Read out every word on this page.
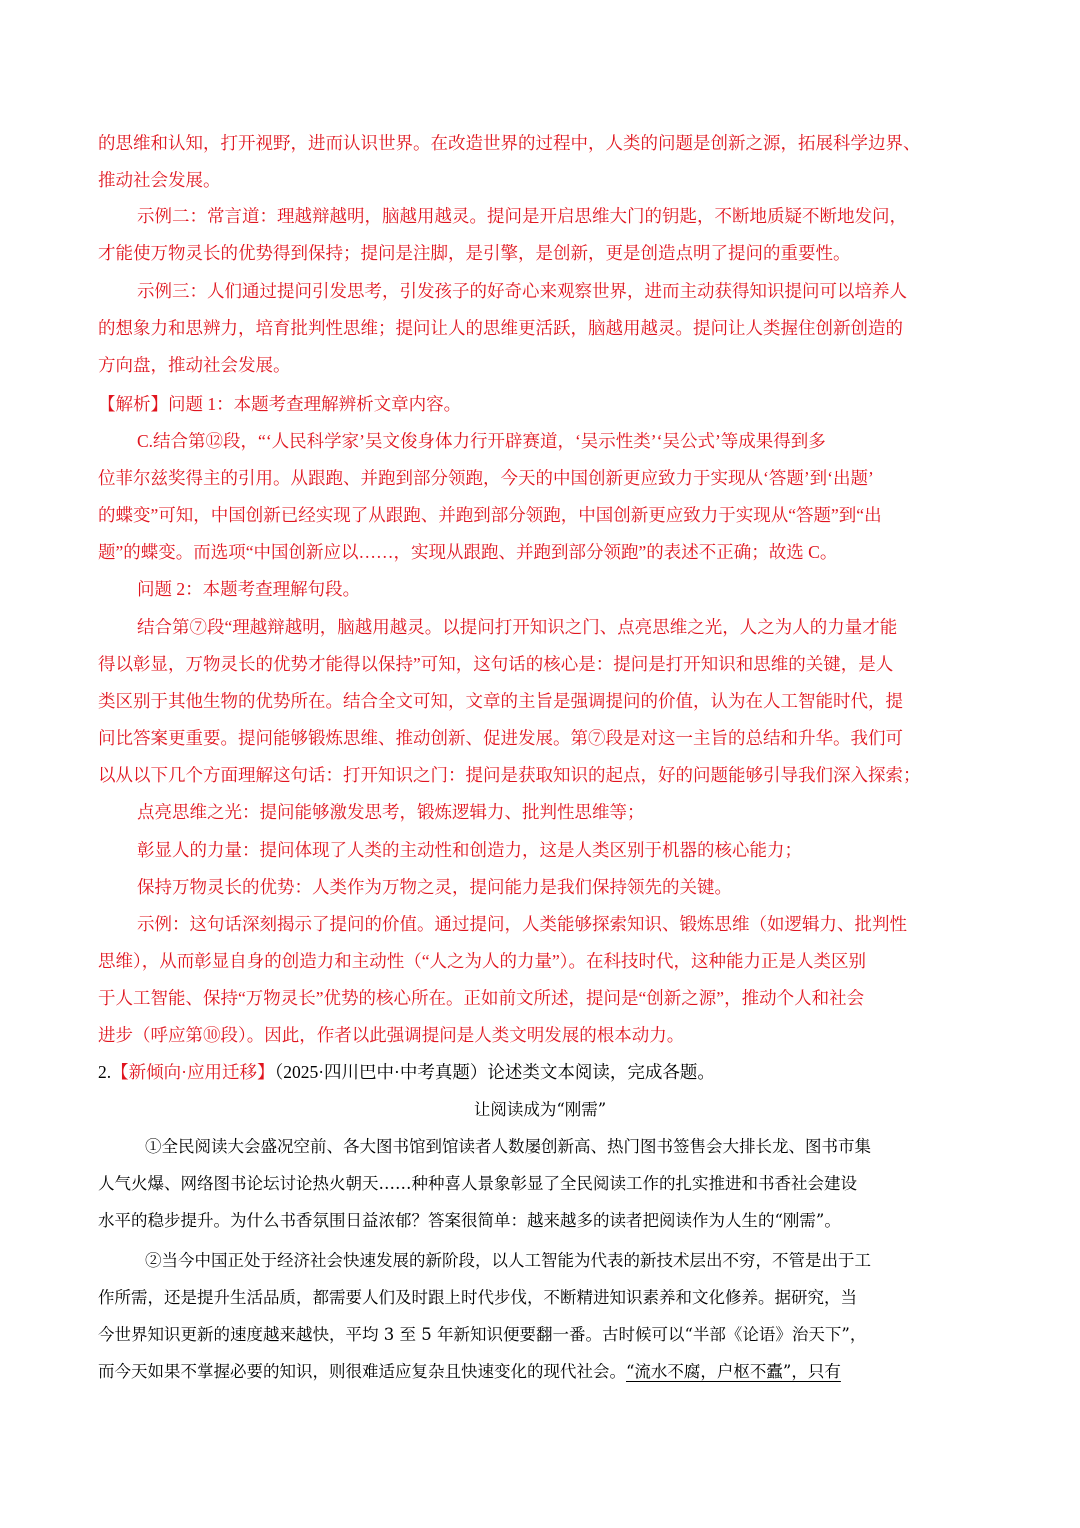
的思维和认知，打开视野，进而认识世界。在改造世界的过程中，人类的问题是创新之源，拓展科学边界、
推动社会发展。
示例二：常言道：理越辩越明，脑越用越灵。提问是开启思维大门的钥匙，不断地质疑不断地发问，
才能使万物灵长的优势得到保持；提问是注脚，是引擎，是创新，更是创造点明了提问的重要性。
示例三：人们通过提问引发思考，引发孩子的好奇心来观察世界，进而主动获得知识提问可以培养人
的想象力和思辨力，培育批判性思维；提问让人的思维更活跃，脑越用越灵。提问让人类握住创新创造的
方向盘，推动社会发展。
【解析】问题 1：本题考查理解辨析文章内容。
C.结合第⑫段，“‘人民科学家’吴文俊身体力行开辟赛道，‘吴示性类’‘吴公式’等成果得到多
位菲尔兹奖得主的引用。从跟跑、并跑到部分领跑，今天的中国创新更应致力于实现从‘答题’到‘出题’
的蝶变”可知，中国创新已经实现了从跟跑、并跑到部分领跑，中国创新更应致力于实现从“答题”到“出
题”的蝶变。而选项“中国创新应以……，实现从跟跑、并跑到部分领跑”的表述不正确；故选 C。
问题 2：本题考查理解句段。
结合第⑦段“理越辩越明，脑越用越灵。以提问打开知识之门、点亮思维之光，人之为人的力量才能
得以彰显，万物灵长的优势才能得以保持”可知，这句话的核心是：提问是打开知识和思维的关键，是人
类区别于其他生物的优势所在。结合全文可知，文章的主旨是强调提问的价值，认为在人工智能时代，提
问比答案更重要。提问能够锻炼思维、推动创新、促进发展。第⑦段是对这一主旨的总结和升华。我们可
以从以下几个方面理解这句话：打开知识之门：提问是获取知识的起点，好的问题能够引导我们深入探索；
点亮思维之光：提问能够激发思考，锻炼逻辑力、批判性思维等；
彰显人的力量：提问体现了人类的主动性和创造力，这是人类区别于机器的核心能力；
保持万物灵长的优势：人类作为万物之灵，提问能力是我们保持领先的关键。
示例：这句话深刻揭示了提问的价值。通过提问，人类能够探索知识、锻炼思维（如逻辑力、批判性
思维），从而彰显自身的创造力和主动性（“人之为人的力量”）。在科技时代，这种能力正是人类区别
于人工智能、保持“万物灵长”优势的核心所在。正如前文所述，提问是“创新之源”，推动个人和社会
进步（呼应第⑩段）。因此，作者以此强调提问是人类文明发展的根本动力。
2.【新倾向·应用迁移】（2025·四川巴中·中考真题）论述类文本阅读，完成各题。
让阅读成为“刚需”
①全民阅读大会盛况空前、各大图书馆到馆读者人数屡创新高、热门图书签售会大排长龙、图书市集
人气火爆、网络图书论坛讨论热火朝天……种种喜人景象彰显了全民阅读工作的扎实推进和书香社会建设
水平的稳步提升。为什么书香氛围日益浓郁？答案很简单：越来越多的读者把阅读作为人生的“刚需”。
②当今中国正处于经济社会快速发展的新阶段，以人工智能为代表的新技术层出不穷，不管是出于工
作所需，还是提升生活品质，都需要人们及时跟上时代步伐，不断精进知识素养和文化修养。据研究，当
今世界知识更新的速度越来越快，平均 3 至 5 年新知识便要翻一番。古时候可以“半部《论语》治天下”，
而今天如果不掌握必要的知识，则很难适应复杂且快速变化的现代社会。“流水不腐，户枢不蠹”，只有
